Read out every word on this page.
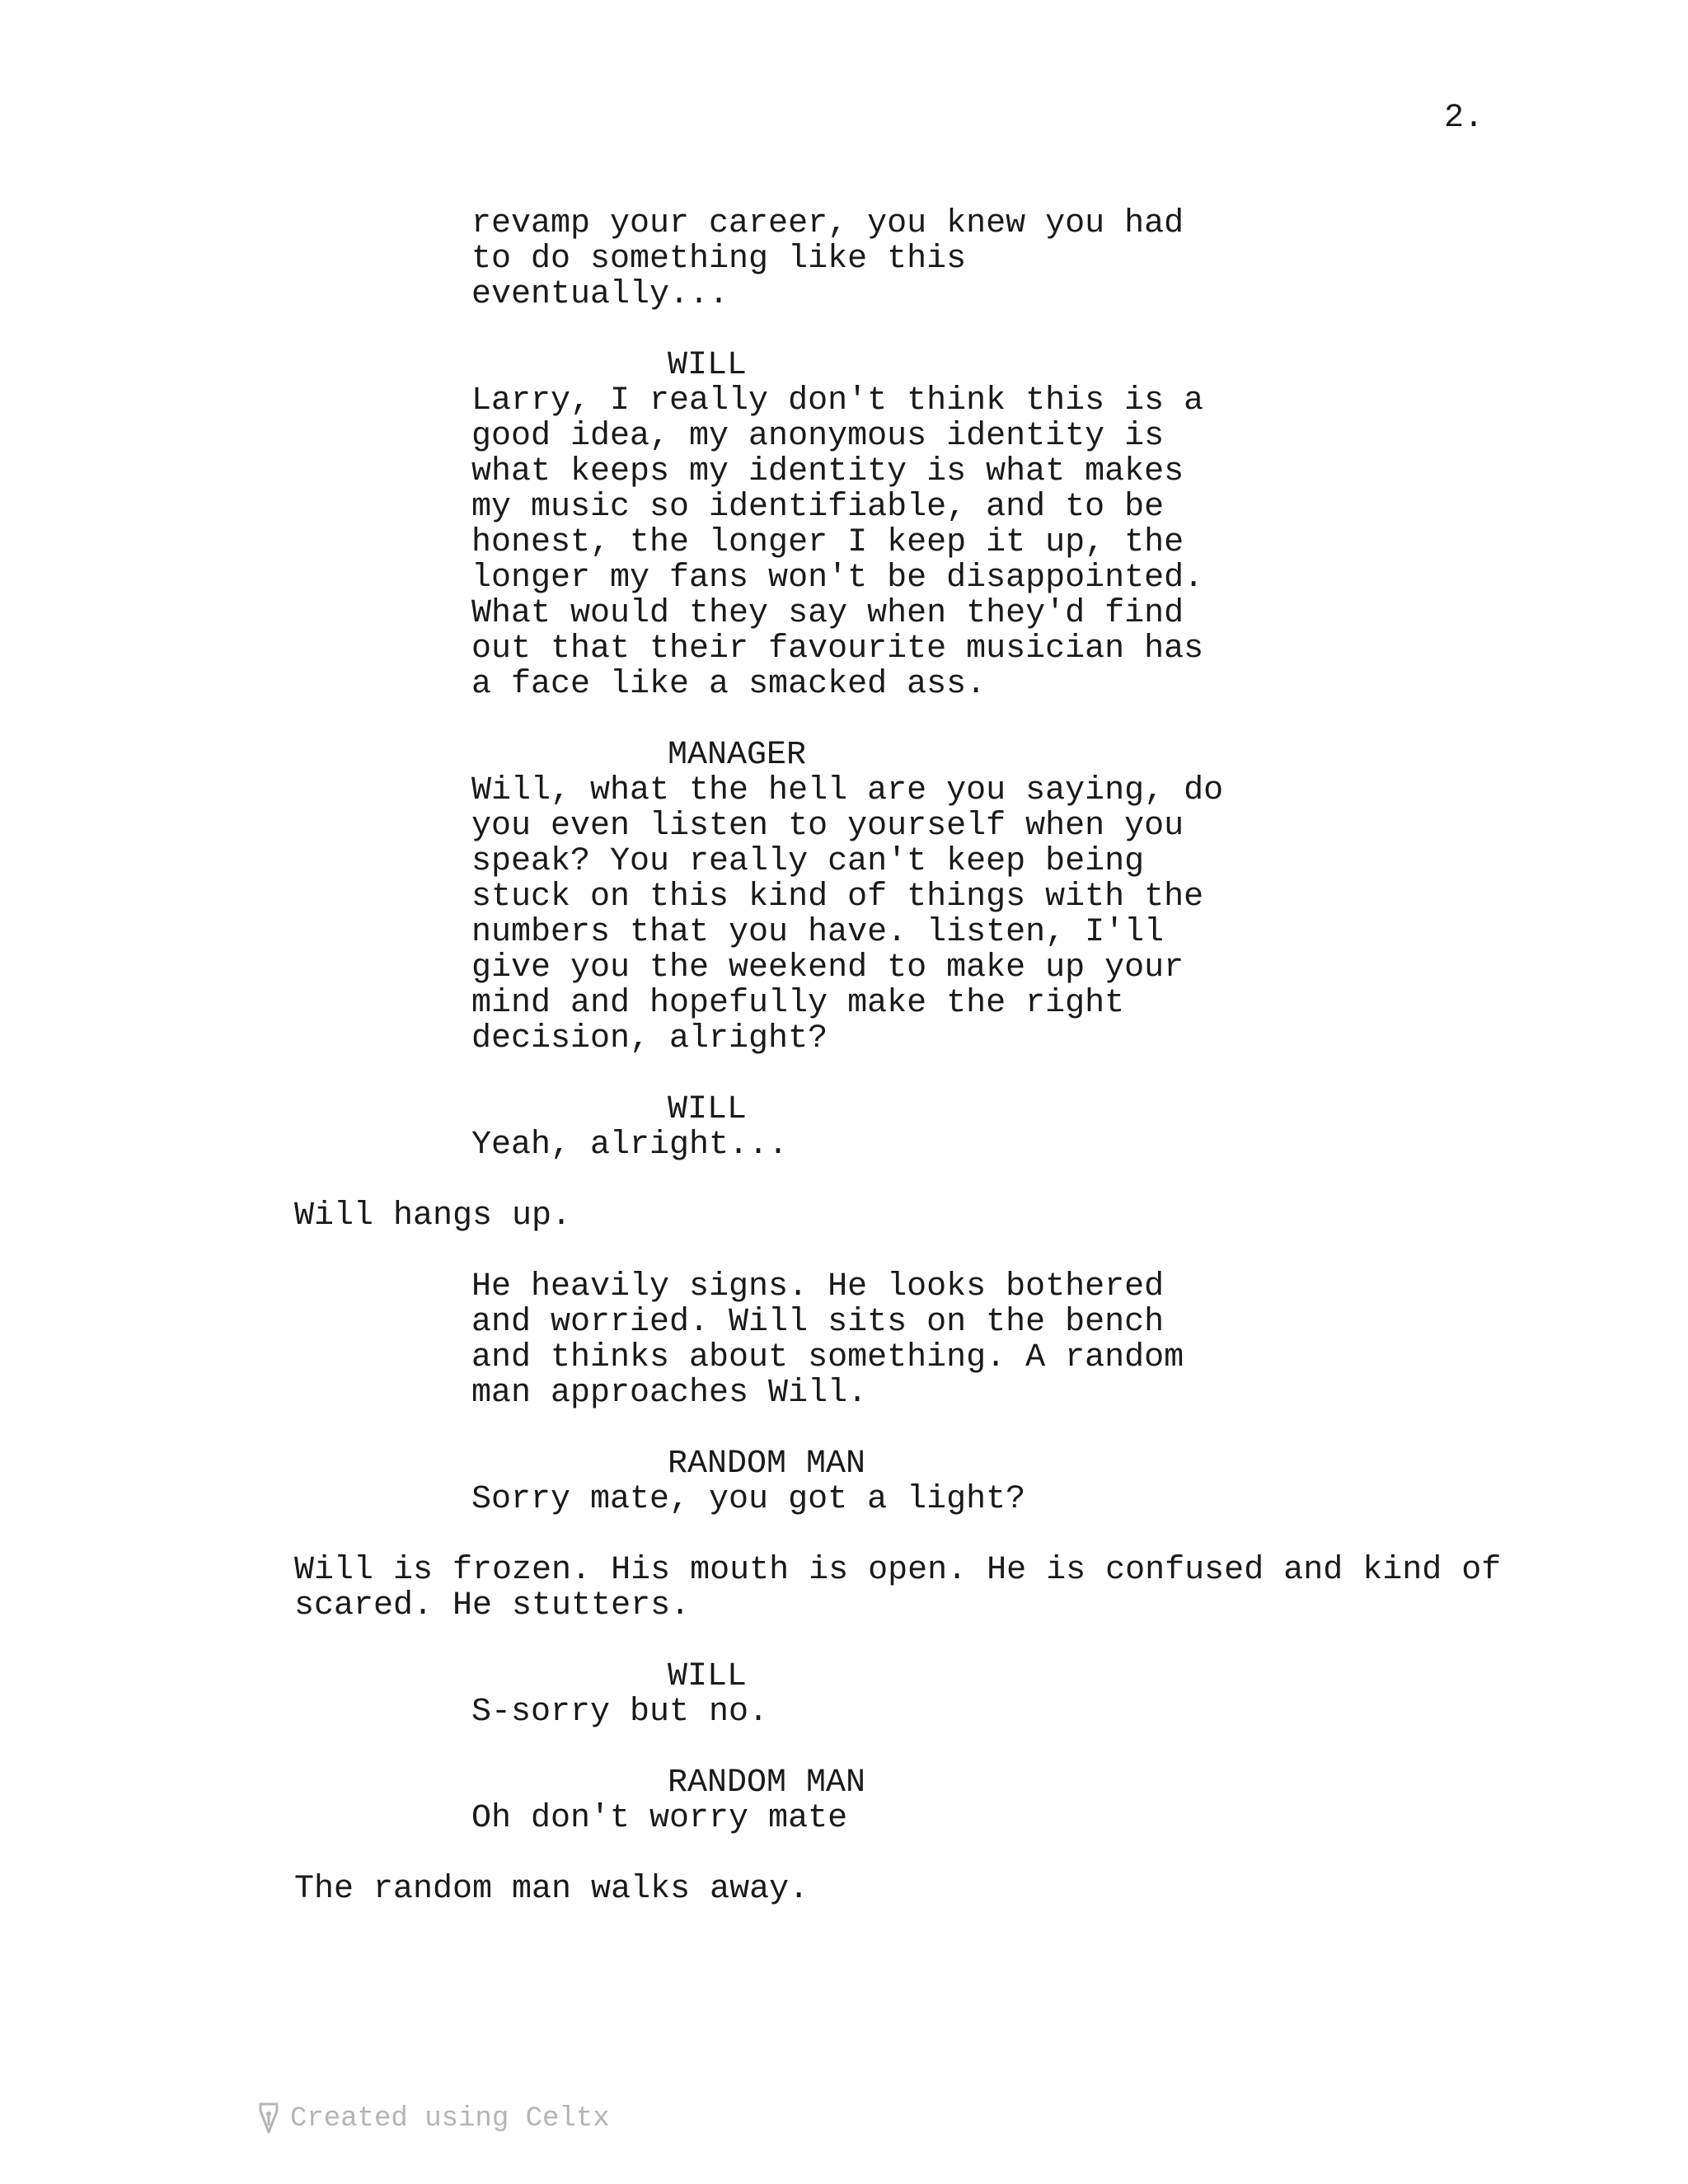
2.
revamp your career, you knew you had
to do something like this
eventually...
WILL
Larry, I really don't think this is a
good idea, my anonymous identity is
what keeps my identity is what makes
my music so identifiable, and to be
honest, the longer I keep it up, the
longer my fans won't be disappointed.
What would they say when they'd find
out that their favourite musician has
a face like a smacked ass.
MANAGER
Will, what the hell are you saying, do
you even listen to yourself when you
speak? You really can't keep being
stuck on this kind of things with the
numbers that you have. listen, I'll
give you the weekend to make up your
mind and hopefully make the right
decision, alright?
WILL
Yeah, alright...
Will hangs up.
He heavily signs. He looks bothered
and worried. Will sits on the bench
and thinks about something. A random
man approaches Will.
RANDOM MAN
Sorry mate, you got a light?
Will is frozen. His mouth is open. He is confused and kind of
scared. He stutters.
WILL
S-sorry but no.
RANDOM MAN
Oh don't worry mate
The random man walks away.
Created using Celtx
